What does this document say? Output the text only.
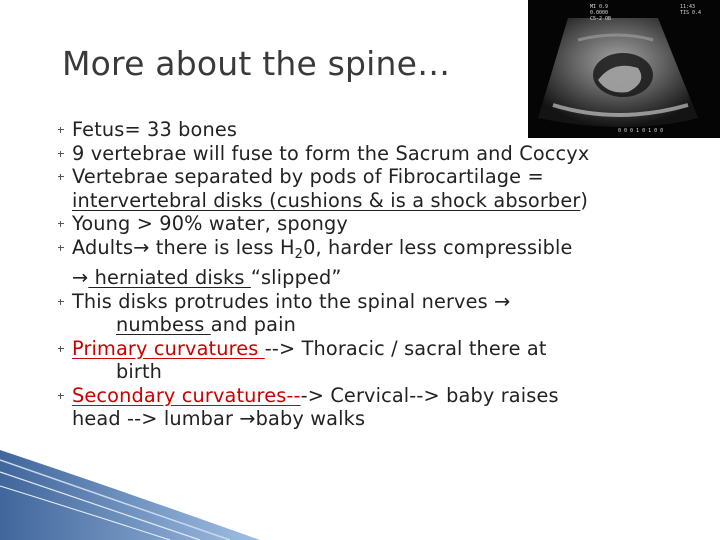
More about the spine…
MI 0.9
0.0000
C5-2 OB
11:43
TIS 0.4
0 0 0 1 0 1 0 0
Fetus= 33 bones
9 vertebrae will fuse to form the Sacrum and Coccyx
Vertebrae separated by pods of Fibrocartilage =
intervertebral disks (cushions & is a shock absorber)
Young > 90% water, spongy
Adults→ there is less $H_20$, harder less compressible
→ herniated disks “slipped”
This disks protrudes into the spinal nerves →
numbess and pain
Primary curvatures --> Thoracic / sacral there at
birth
Secondary curvatures---> Cervical--> baby raises
head --> lumbar →baby walks
